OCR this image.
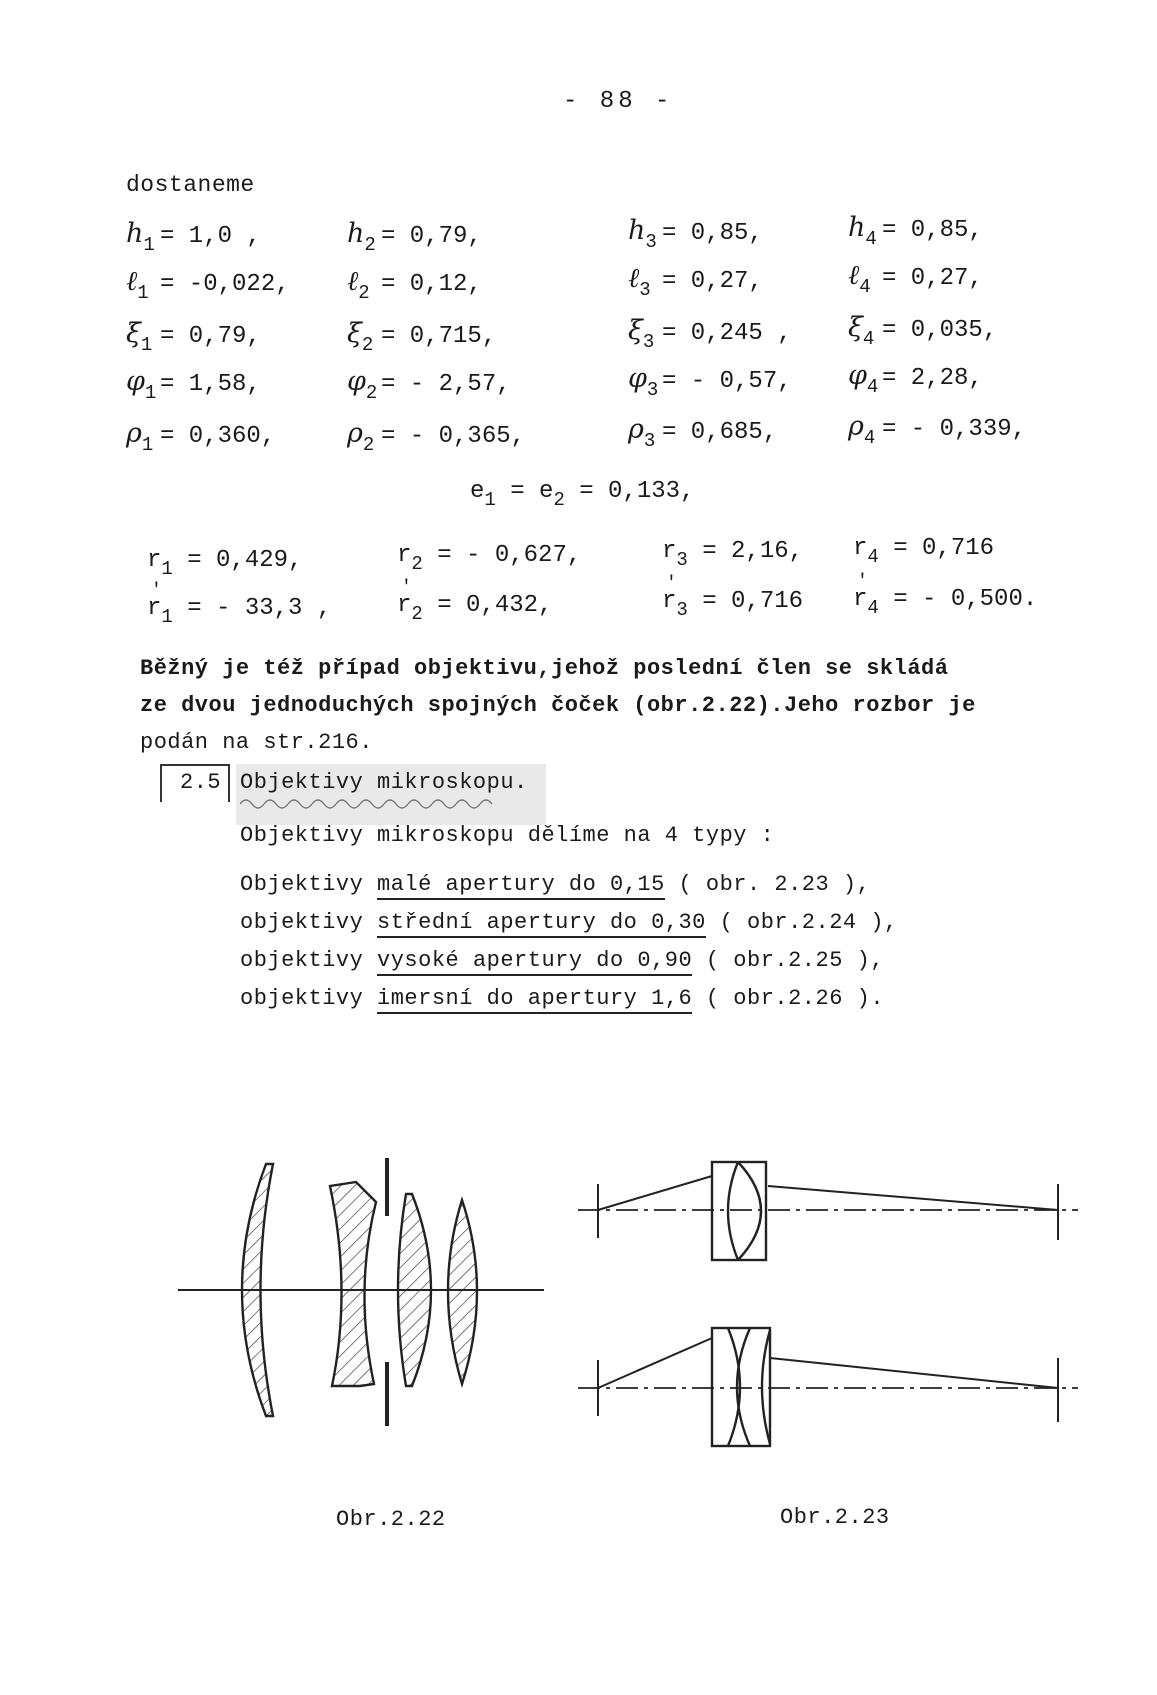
- 88 -
dostaneme
$h_1 = 1,0$ ,
ℓ$_1$ = -0,022,
$\xi_1 = 0,79$,
$\varphi_1 = 1,58$,
$\rho_1 = 0,360$,
$h_2 = 0,79$,
ℓ$_2$ = 0,12,
$\xi_2 = 0,715$,
$\varphi_2$ = - 2,57,
$\rho_2$ = - 0,365,
$h_3 = 0,85$,
ℓ$_3$ = 0,27,
$\xi_3 = 0,245$ ,
$\varphi_3$ = - 0,57,
$\rho_3 = 0,685$,
$h_4 = 0,85$,
ℓ$_4$ = 0,27,
$\xi_4 = 0,035$,
$\varphi_4 = 2,28$,
$\rho_4$ = - 0,339,
$e_1 = e_2 = 0,133$,
$r_1 = 0,429$,
r $'_1$ = - 33,3 ,
$r_2$ = - 0,627,
r $'_2 = 0,432$,
$r_3 = 2,16$,
r $'_3 = 0,716$
$r_4 = 0,716$
r $'_4$ = - 0,500.
Běžný je též případ objektivu,jehož poslední člen se skládá
ze dvou jednoduchých spojných čoček (obr.2.22).Jeho rozbor je
podán na str.216.
2.5 Objektivy mikroskopu.
Objektivy mikroskopu dělíme na 4 typy :
Objektivy malé apertury do 0,15 ( obr. 2.23 ),
objektivy střední apertury do 0,30 ( obr.2.24 ),
objektivy vysoké apertury do 0,90 ( obr.2.25 ),
objektivy imersní do apertury 1,6 ( obr.2.26 ).
Obr.2.22	Obr.2.23
